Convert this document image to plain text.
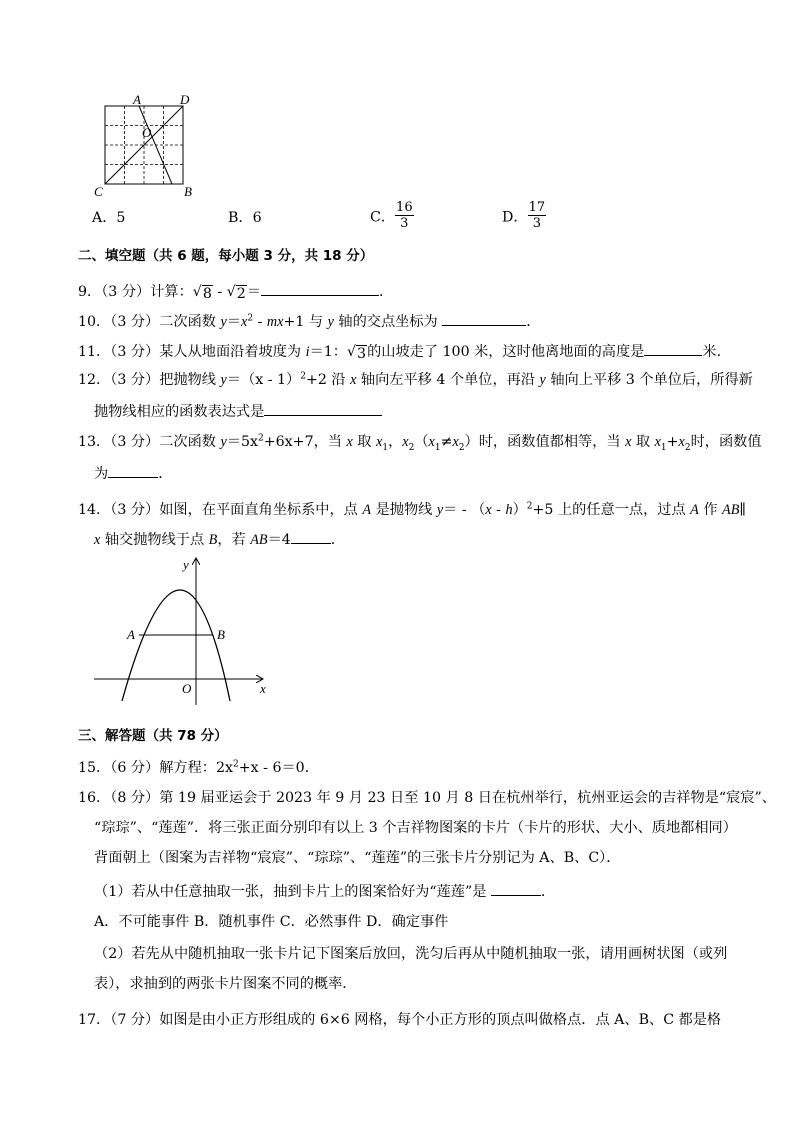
A	D
O
C	B
A．5	B．6	C． $\frac{16}{3}$	D． $\frac{17}{3}$
二、填空题（共 6 题，每小题 3 分，共 18 分）
9．（3 分）计算：√ 8 - √ 2 ＝	．
10．（3 分）二次函数 $y=x^2 - mx+1$ 与 y 轴的交点坐标为	．
11．（3 分）某人从地面沿着坡度为 i＝1：√ 3 的山坡走了 100 米，这时他离地面的高度是	米．
12．（3 分）把抛物线 y＝（x - 1）$^2$+2 沿 x 轴向左平移 4 个单位，再沿 y 轴向上平移 3 个单位后，所得新
抛物线相应的函数表达式是
13．（3 分）二次函数 $y=5x^2+6x+7$，当 x 取 $x_1$，$x_2(x_1\ne x_2)$时，函数值都相等，当 x 取 $x_1+x_2$时，函数值
为	．
14．（3 分）如图，在平面直角坐标系中，点 A 是抛物线 y＝ - （x - h）$^2$+5 上的任意一点，过点 A 作 AB∥
x 轴交抛物线于点 B，若 AB＝4	．
y
A	B
O	x
三、解答题（共 78 分）
15．（6 分）解方程：$2x^2+x - 6=0$．
16．（8 分）第 19 届亚运会于 2023 年 9 月 23 日至 10 月 8 日在杭州举行，杭州亚运会的吉祥物是“宸宸”、
“琮琮”、“莲莲”．将三张正面分别印有以上 3 个吉祥物图案的卡片（卡片的形状、大小、质地都相同）
背面朝上（图案为吉祥物“宸宸”、“琮琮”、“莲莲”的三张卡片分别记为 A、B、C）．
（1）若从中任意抽取一张，抽到卡片上的图案恰好为“莲莲”是	．
A．不可能事件 B．随机事件 C．必然事件 D．确定事件
（2）若先从中随机抽取一张卡片记下图案后放回，洗匀后再从中随机抽取一张，请用画树状图（或列
表），求抽到的两张卡片图案不同的概率．
17．（7 分）如图是由小正方形组成的 6×6 网格，每个小正方形的顶点叫做格点．点 A、B、C 都是格
